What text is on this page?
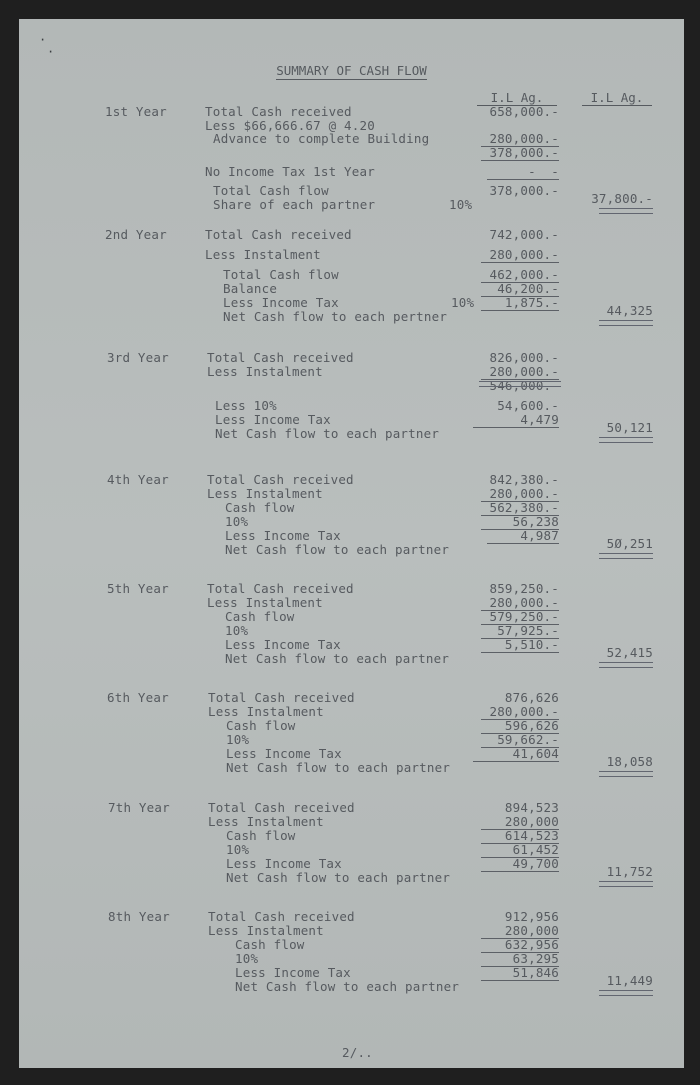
·
·
SUMMARY OF CASH FLOW
I.L Ag.	I.L Ag.
1st Year	Total Cash received	658,000.-
Less $66,666.67 @ 4.20
Advance to complete Building	280,000.-
378,000.-
No Income Tax 1st Year	-  -
Total Cash flow	378,000.-
Share of each partner	10%	37,800.-
2nd Year	Total Cash received	742,000.-
Less Instalment	280,000.-
Total Cash flow	462,000.-
Balance	46,200.-
Less Income Tax	10%	1,875.-
Net Cash flow to each pertner	44,325
3rd Year	Total Cash received	826,000.-
Less Instalment	280,000.-
546,000.-
Less 10%	54,600.-
Less Income Tax	4,479
Net Cash flow to each partner	50,121
4th Year	Total Cash received	842,380.-
Less Instalment	280,000.-
Cash flow	562,380.-
10%	56,238
Less Income Tax	4,987
Net Cash flow to each partner	5Ø,251
5th Year	Total Cash received	859,250.-
Less Instalment	280,000.-
Cash flow	579,250.-
10%	57,925.-
Less Income Tax	5,510.-
Net Cash flow to each partner	52,415
6th Year	Total Cash received	876,626
Less Instalment	280,000.-
Cash flow	596,626
10%	59,662.-
Less Income Tax	41,604
Net Cash flow to each partner	18,058
7th Year	Total Cash received	894,523
Less Instalment	280,000
Cash flow	614,523
10%	61,452
Less Income Tax	49,700
Net Cash flow to each partner	11,752
8th Year	Total Cash received	912,956
Less Instalment	280,000
Cash flow	632,956
10%	63,295
Less Income Tax	51,846
Net Cash flow to each partner	11,449
2/..
